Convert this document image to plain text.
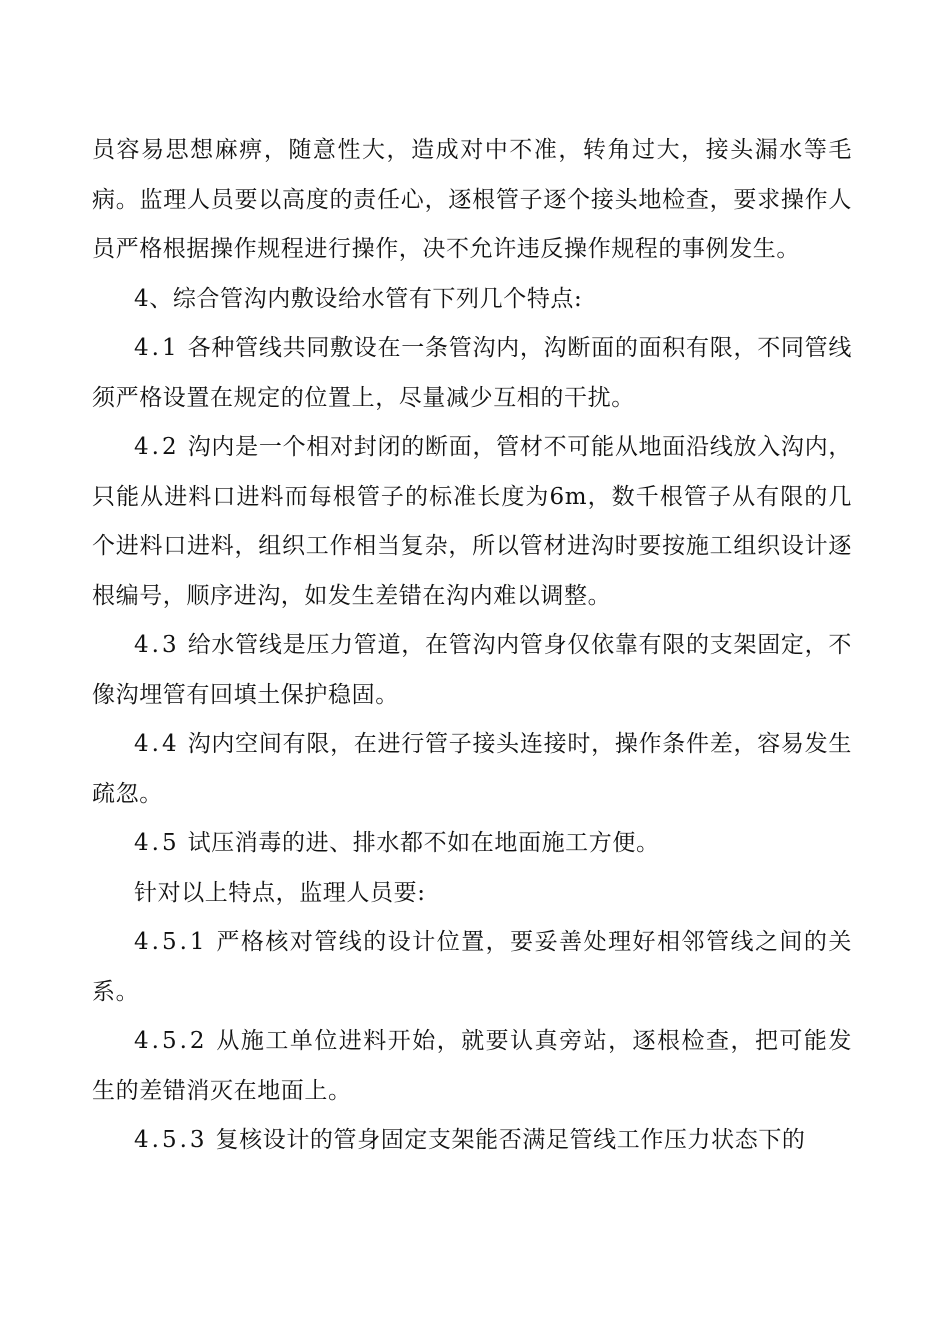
员容易思想麻痹，随意性大，造成对中不准，转角过大，接头漏水等毛病。监理人员要以高度的责任心，逐根管子逐个接头地检查，要求操作人员严格根据操作规程进行操作，决不允许违反操作规程的事例发生。

4、综合管沟内敷设给水管有下列几个特点:

4.1 各种管线共同敷设在一条管沟内，沟断面的面积有限，不同管线须严格设置在规定的位置上，尽量减少互相的干扰。

4.2 沟内是一个相对封闭的断面，管材不可能从地面沿线放入沟内，只能从进料口进料而每根管子的标准长度为6m，数千根管子从有限的几个进料口进料，组织工作相当复杂，所以管材进沟时要按施工组织设计逐根编号，顺序进沟，如发生差错在沟内难以调整。

4.3 给水管线是压力管道，在管沟内管身仅依靠有限的支架固定，不像沟埋管有回填土保护稳固。

4.4 沟内空间有限，在进行管子接头连接时，操作条件差，容易发生疏忽。

4.5 试压消毒的进、排水都不如在地面施工方便。

针对以上特点，监理人员要:

4.5.1 严格核对管线的设计位置，要妥善处理好相邻管线之间的关系。

4.5.2 从施工单位进料开始，就要认真旁站，逐根检查，把可能发生的差错消灭在地面上。

4.5.3 复核设计的管身固定支架能否满足管线工作压力状态下的
